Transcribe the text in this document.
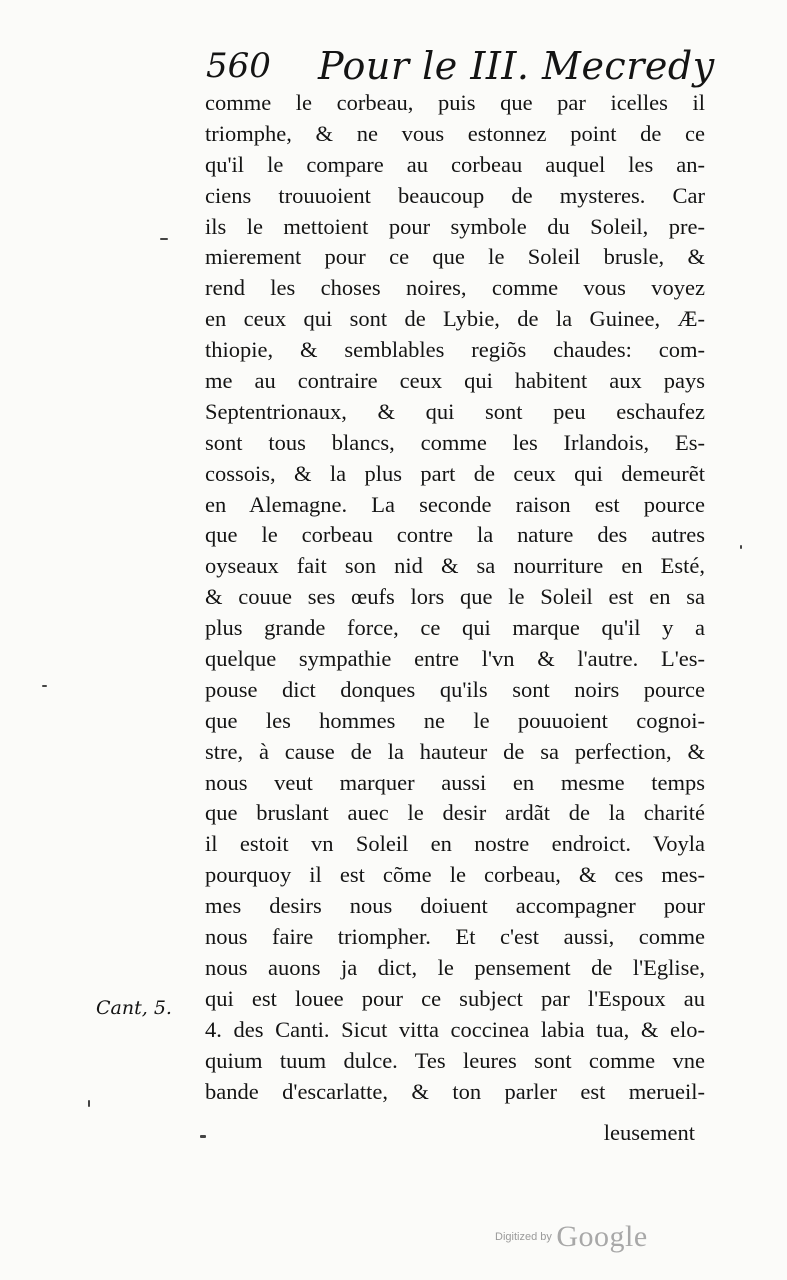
560 Pour le III. Mecredy
comme le corbeau, puis que par icelles il
triomphe, & ne vous estonnez point de ce
qu'il le compare au corbeau auquel les an-
ciens trouuoient beaucoup de mysteres. Car
ils le mettoient pour symbole du Soleil, pre-
mierement pour ce que le Soleil brusle, &
rend les choses noires, comme vous voyez
en ceux qui sont de Lybie, de la Guinee, Æ-
thiopie, & semblables regiõs chaudes: com-
me au contraire ceux qui habitent aux pays
Septentrionaux, & qui sont peu eschaufez
sont tous blancs, comme les Irlandois, Es-
cossois, & la plus part de ceux qui demeurẽt
en Alemagne. La seconde raison est pource
que le corbeau contre la nature des autres
oyseaux fait son nid & sa nourriture en Esté,
& couue ses œufs lors que le Soleil est en sa
plus grande force, ce qui marque qu'il y a
quelque sympathie entre l'vn & l'autre. L'es-
pouse dict donques qu'ils sont noirs pource
que les hommes ne le pouuoient cognoi-
stre, à cause de la hauteur de sa perfection, &
nous veut marquer aussi en mesme temps
que bruslant auec le desir ardãt de la charité
il estoit vn Soleil en nostre endroict. Voyla
pourquoy il est cõme le corbeau, & ces mes-
mes desirs nous doiuent accompagner pour
nous faire triompher. Et c'est aussi, comme
nous auons ja dict, le pensement de l'Eglise,
qui est louee pour ce subject par l'Espoux au
4. des Canti. Sicut vitta coccinea labia tua, & elo-
quium tuum dulce. Tes leures sont comme vne
bande d'escarlatte, & ton parler est merueil-
leusement
Cant, 5.
Digitized by Google
